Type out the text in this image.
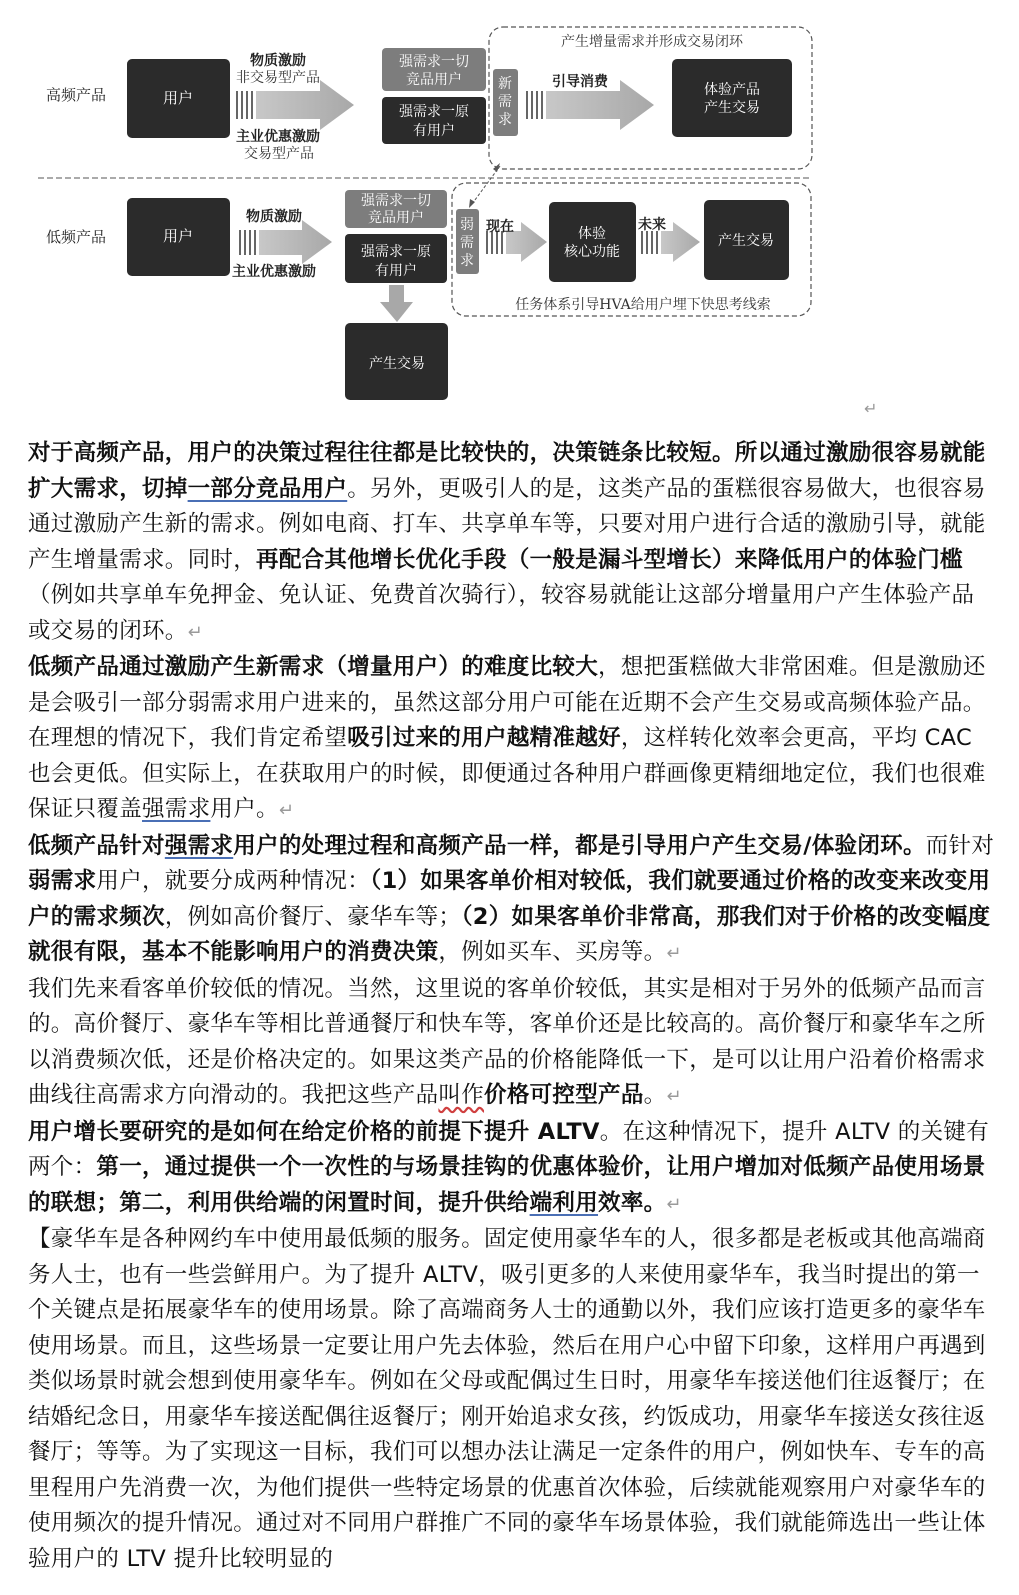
高频产品	用户
物质激励
非交易型产品
主业优惠激励
交易型产品
强需求一切
竞品用户
强需求一原
有用户
产生增量需求并形成交易闭环
新
需
求
引导消费	体验产品
产生交易
低频产品	用户
物质激励
主业优惠激励
强需求一切
竞品用户
强需求一原
有用户
产生交易
弱
需
求
现在	体验
核心功能
未来
产生交易
任务体系引导HVA给用户埋下快思考线索
↵

对于高频产品，用户的决策过程往往都是比较快的，决策链条比较短。所以通过激励很容易就能扩大需求，切掉一部分竞品用户。另外，更吸引人的是，这类产品的蛋糕很容易做大，也很容易通过激励产生新的需求。例如电商、打车、共享单车等，只要对用户进行合适的激励引导，就能产生增量需求。同时，再配合其他增长优化手段（一般是漏斗型增长）来降低用户的体验门槛（例如共享单车免押金、免认证、免费首次骑行），较容易就能让这部分增量用户产生体验产品或交易的闭环。↵

低频产品通过激励产生新需求（增量用户）的难度比较大，想把蛋糕做大非常困难。但是激励还是会吸引一部分弱需求用户进来的，虽然这部分用户可能在近期不会产生交易或高频体验产品。在理想的情况下，我们肯定希望吸引过来的用户越精准越好，这样转化效率会更高，平均 CAC 也会更低。但实际上，在获取用户的时候，即便通过各种用户群画像更精细地定位，我们也很难保证只覆盖强需求用户。↵

低频产品针对强需求用户的处理过程和高频产品一样，都是引导用户产生交易/体验闭环。而针对弱需求用户，就要分成两种情况：（1）如果客单价相对较低，我们就要通过价格的改变来改变用户的需求频次，例如高价餐厅、豪华车等；（2）如果客单价非常高，那我们对于价格的改变幅度就很有限，基本不能影响用户的消费决策，例如买车、买房等。↵

我们先来看客单价较低的情况。当然，这里说的客单价较低，其实是相对于另外的低频产品而言的。高价餐厅、豪华车等相比普通餐厅和快车等，客单价还是比较高的。高价餐厅和豪华车之所以消费频次低，还是价格决定的。如果这类产品的价格能降低一下，是可以让用户沿着价格需求曲线往高需求方向滑动的。我把这些产品叫作价格可控型产品。↵

用户增长要研究的是如何在给定价格的前提下提升 ALTV。在这种情况下，提升 ALTV 的关键有两个：第一，通过提供一个一次性的与场景挂钩的优惠体验价，让用户增加对低频产品使用场景的联想；第二，利用供给端的闲置时间，提升供给端利用效率。↵

【豪华车是各种网约车中使用最低频的服务。固定使用豪华车的人，很多都是老板或其他高端商务人士，也有一些尝鲜用户。为了提升 ALTV，吸引更多的人来使用豪华车，我当时提出的第一个关键点是拓展豪华车的使用场景。除了高端商务人士的通勤以外，我们应该打造更多的豪华车使用场景。而且，这些场景一定要让用户先去体验，然后在用户心中留下印象，这样用户再遇到类似场景时就会想到使用豪华车。例如在父母或配偶过生日时，用豪华车接送他们往返餐厅；在结婚纪念日，用豪华车接送配偶往返餐厅；刚开始追求女孩，约饭成功，用豪华车接送女孩往返餐厅；等等。为了实现这一目标，我们可以想办法让满足一定条件的用户，例如快车、专车的高里程用户先消费一次，为他们提供一些特定场景的优惠首次体验，后续就能观察用户对豪华车的使用频次的提升情况。通过对不同用户群推广不同的豪华车场景体验，我们就能筛选出一些让体验用户的 LTV 提升比较明显的
